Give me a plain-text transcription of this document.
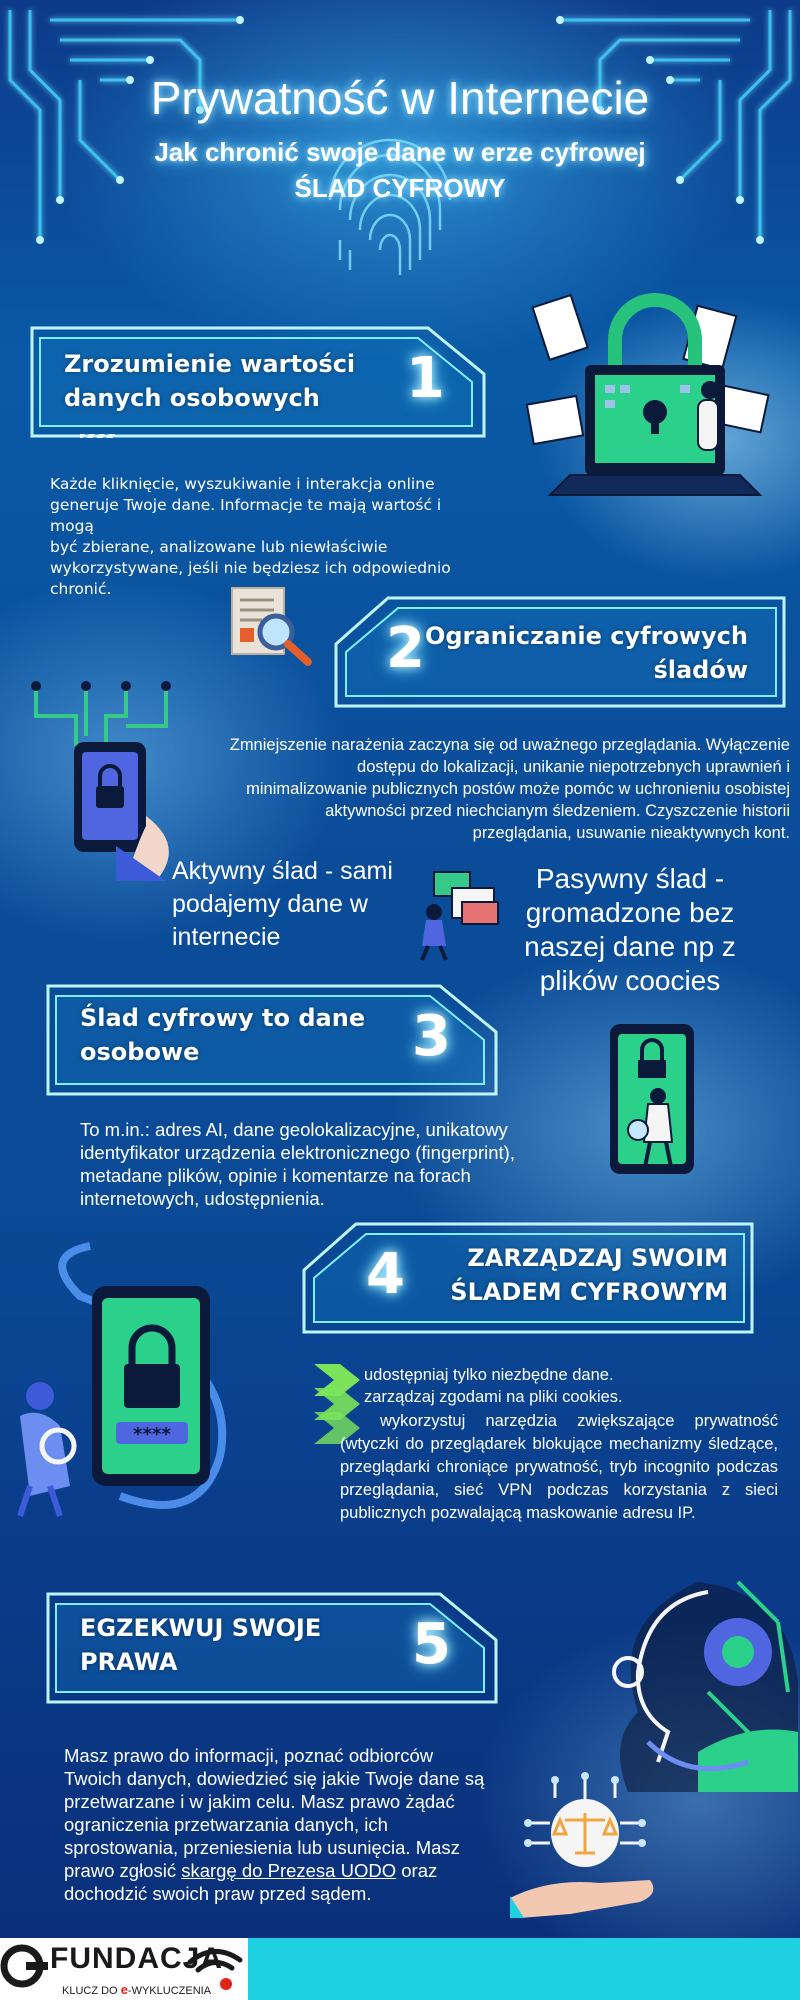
Prywatność w Internecie
Jak chronić swoje dane w erze cyfrowej
ŚLAD CYFROWY
Zrozumienie wartości
danych osobowych 1
Każde kliknięcie, wyszukiwanie i interakcja online
generuje Twoje dane. Informacje te mają wartość i mogą
być zbierane, analizowane lub niewłaściwie
wykorzystywane, jeśli nie będziesz ich odpowiednio
chronić.
2 Ograniczanie cyfrowych
śladów
Zmniejszenie narażenia zaczyna się od uważnego przeglądania. Wyłączenie
dostępu do lokalizacji, unikanie niepotrzebnych uprawnień i
minimalizowanie publicznych postów może pomóc w uchronieniu osobistej
aktywności przed niechcianym śledzeniem. Czyszczenie historii
przeglądania, usuwanie nieaktywnych kont.
Aktywny ślad - sami
podajemy dane w
internecie
Pasywny ślad -
gromadzone bez
naszej dane np z
plików coocies
Ślad cyfrowy to dane
osobowe	3
To m.in.: adres AI, dane geolokalizacyjne, unikatowy
identyfikator urządzenia elektronicznego (fingerprint),
metadane plików, opinie i komentarze na forach
internetowych, udostępnienia.
4	ZARZĄDZAJ SWOIM
ŚLADEM CYFROWYM
****
udostępniaj tylko niezbędne dane.
zarządzaj zgodami na pliki cookies.
wykorzystuj narzędzia zwiększające prywatność (wtyczki do przeglądarek blokujące mechanizmy śledzące, przeglądarki chroniące prywatność, tryb incognito podczas przeglądania, sieć VPN podczas korzystania z sieci publicznych pozwalającą maskowanie adresu IP.
EGZEKWUJ SWOJE
PRAWA	5
Masz prawo do informacji, poznać odbiorców
Twoich danych, dowiedzieć się jakie Twoje dane są
przetwarzane i w jakim celu. Masz prawo żądać
ograniczenia przetwarzania danych, ich
sprostowania, przeniesienia lub usunięcia. Masz
prawo zgłosić skargę do Prezesa UODO oraz
dochodzić swoich praw przed sądem.
FUNDACJA
KLUCZ DO e-WYKLUCZENIA
